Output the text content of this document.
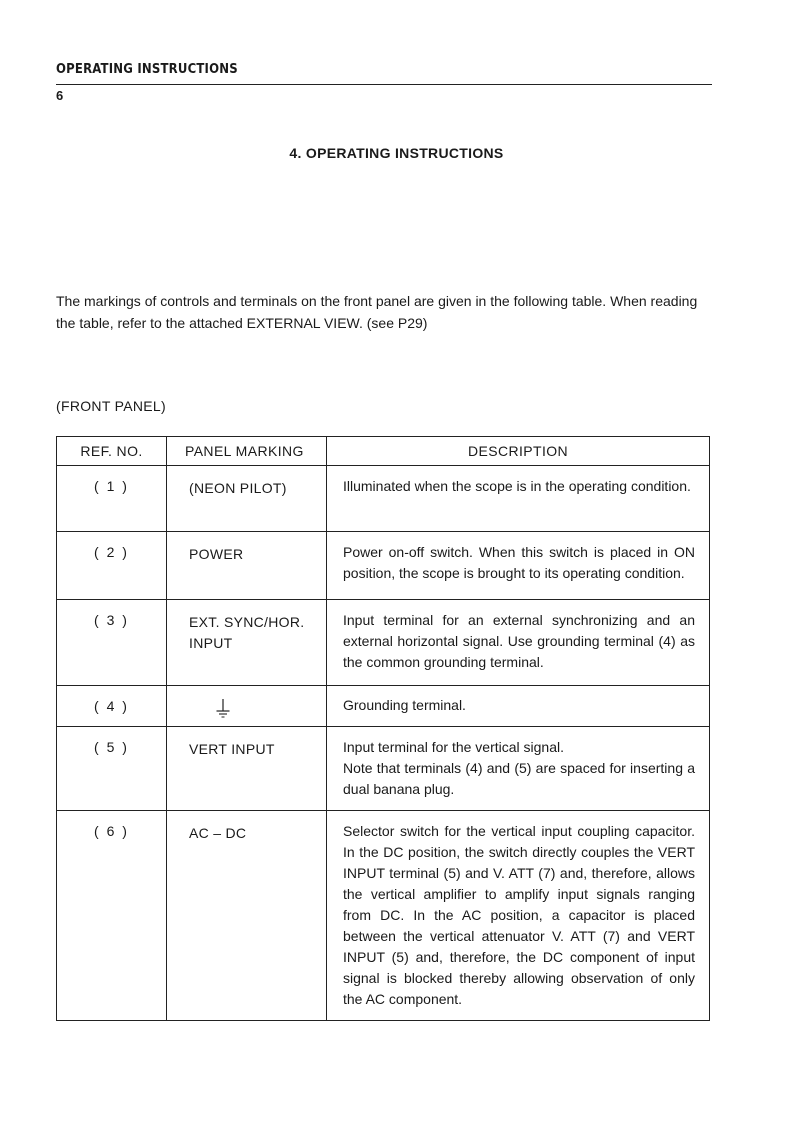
OPERATING INSTRUCTIONS
6
4. OPERATING INSTRUCTIONS
The markings of controls and terminals on the front panel are given in the following table. When reading the table, refer to the attached EXTERNAL VIEW. (see P29)
(FRONT PANEL)
REF. NO.	PANEL MARKING	DESCRIPTION
( 1 )	(NEON PILOT)	Illuminated when the scope is in the operating condition.
( 2 )	POWER	Power on-off switch. When this switch is placed in ON position, the scope is brought to its operating condition.
( 3 )	EXT. SYNC/HOR. INPUT	Input terminal for an external synchronizing and an external horizontal signal. Use grounding terminal (4) as the common grounding terminal.
( 4 )		Grounding terminal.
( 5 )	VERT INPUT	Input terminal for the vertical signal.
Note that terminals (4) and (5) are spaced for inserting a dual banana plug.

( 6 )	AC – DC	Selector switch for the vertical input coupling capacitor. In the DC position, the switch directly couples the VERT INPUT terminal (5) and V. ATT (7) and, therefore, allows the vertical amplifier to amplify input signals ranging from DC. In the AC position, a capacitor is placed between the vertical attenuator V. ATT (7) and VERT INPUT (5) and, therefore, the DC component of input signal is blocked thereby allowing observation of only the AC component.
